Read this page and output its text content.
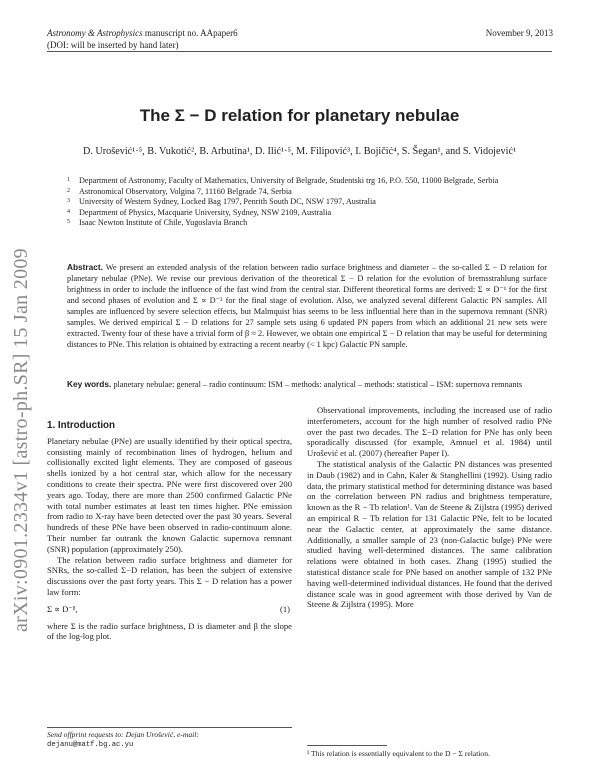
Astronomy & Astrophysics manuscript no. AApaper6
(DOI: will be inserted by hand later)
November 9, 2013
arXiv:0901.2334v1 [astro-ph.SR] 15 Jan 2009
The Σ − D relation for planetary nebulae
D. Urošević¹·⁵, B. Vukotić², B. Arbutina¹, D. Ilić¹·⁵, M. Filipović³, I. Bojičić⁴, S. Šegan¹, and S. Vidojević¹
1 Department of Astronomy, Faculty of Mathematics, University of Belgrade, Studentski trg 16, P.O. 550, 11000 Belgrade, Serbia
2 Astronomical Observatory, Volgina 7, 11160 Belgrade 74, Serbia
3 University of Western Sydney, Locked Bag 1797, Penrith South DC, NSW 1797, Australia
4 Department of Physics, Macquarie University, Sydney, NSW 2109, Australia
5 Isaac Newton Institute of Chile, Yugoslavia Branch
Abstract. We present an extended analysis of the relation between radio surface brightness and diameter – the so-called Σ − D relation for planetary nebulae (PNe). We revise our previous derivation of the theoretical Σ − D relation for the evolution of bremsstrahlung surface brightness in order to include the influence of the fast wind from the central star. Different theoretical forms are derived: Σ ∝ D⁻¹ for the first and second phases of evolution and Σ ∝ D⁻³ for the final stage of evolution. Also, we analyzed several different Galactic PN samples. All samples are influenced by severe selection effects, but Malmquist bias seems to be less influential here than in the supernova remnant (SNR) samples. We derived empirical Σ − D relations for 27 sample sets using 6 updated PN papers from which an additional 21 new sets were extracted. Twenty four of these have a trivial form of β ≈ 2. However, we obtain one empirical Σ − D relation that may be useful for determining distances to PNe. This relation is obtained by extracting a recent nearby (< 1 kpc) Galactic PN sample.
Key words. planetary nebulae: general – radio continuum: ISM – methods: analytical – methods: statistical – ISM: supernova remnants
1. Introduction

Planetary nebulae (PNe) are usually identified by their optical spectra, consisting mainly of recombination lines of hydrogen, helium and collisionally excited light elements. They are composed of gaseous shells ionized by a hot central star, which allow for the necessary conditions to create their spectra. PNe were first discovered over 200 years ago. Today, there are more than 2500 confirmed Galactic PNe with total number estimates at least ten times higher. PNe emission from radio to X-ray have been detected over the past 30 years. Several hundreds of these PNe have been observed in radio-continuum alone. Their number far outrank the known Galactic supernova remnant (SNR) population (approximately 250).

The relation between radio surface brightness and diameter for SNRs, the so-called Σ−D relation, has been the subject of extensive discussions over the past forty years. This Σ − D relation has a power law form:

Σ ∝ D⁻ᵝ,	(1)

where Σ is the radio surface brightness, D is diameter and β the slope of the log-log plot.

Observational improvements, including the increased use of radio interferometers, account for the high number of resolved radio PNe over the past two decades. The Σ−D relation for PNe has only been sporadically discussed (for example, Amnuel et al. 1984) until Urošević et al. (2007) (hereafter Paper I).

The statistical analysis of the Galactic PN distances was presented in Daub (1982) and in Cahn, Kaler & Stanghellini (1992). Using radio data, the primary statistical method for determining distance was based on the correlation between PN radius and brightness temperature, known as the R − Tb relation¹. Van de Steene & Zijlstra (1995) derived an empirical R − Tb relation for 131 Galactic PNe, felt to be located near the Galactic center, at approximately the same distance. Additionally, a smaller sample of 23 (non-Galactic bulge) PNe were studied having well-determined distances. The same calibration relations were obtained in both cases. Zhang (1995) studied the statistical distance scale for PNe based on another sample of 132 PNe having well-determined individual distances. He found that the derived distance scale was in good agreement with those derived by Van de Steene & Zijlstra (1995). More

Send offprint requests to: Dejan Urošević, e-mail:
dejanu@matf.bg.ac.yu
¹ This relation is essentially equivalent to the D − Σ relation.
